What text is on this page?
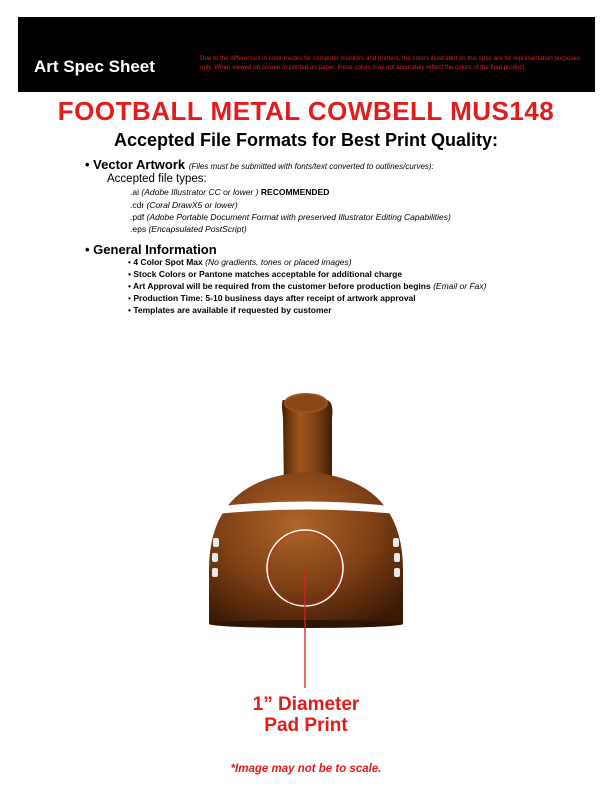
Art Spec Sheet	Due to the differences in color modes for computer monitors and printers, the colors illustrated on this spec are for representation purposes only. When viewed on screen or printed on paper, these colors may not accurately reflect the colors of the final product.
FOOTBALL METAL COWBELL MUS148
Accepted File Formats for Best Print Quality:
• Vector Artwork (Files must be submitted with fonts/text converted to outlines/curves):
Accepted file types:
.ai (Adobe Illustrator CC or lower ) RECOMMENDED
.cdr (Coral DrawX5 or lower)
.pdf (Adobe Portable Document Format with preserved Illustrator Editing Capabilities)
.eps (Encapsulated PostScript)
• General Information
• 4 Color Spot Max (No gradients, tones or placed images)
• Stock Colors or Pantone matches acceptable for additional charge
• Art Approval will be required from the customer before production begins (Email or Fax)
• Production Time: 5-10 business days after receipt of artwork approval
• Templates are available if requested by customer
1” Diameter
Pad Print
*Image may not be to scale.
